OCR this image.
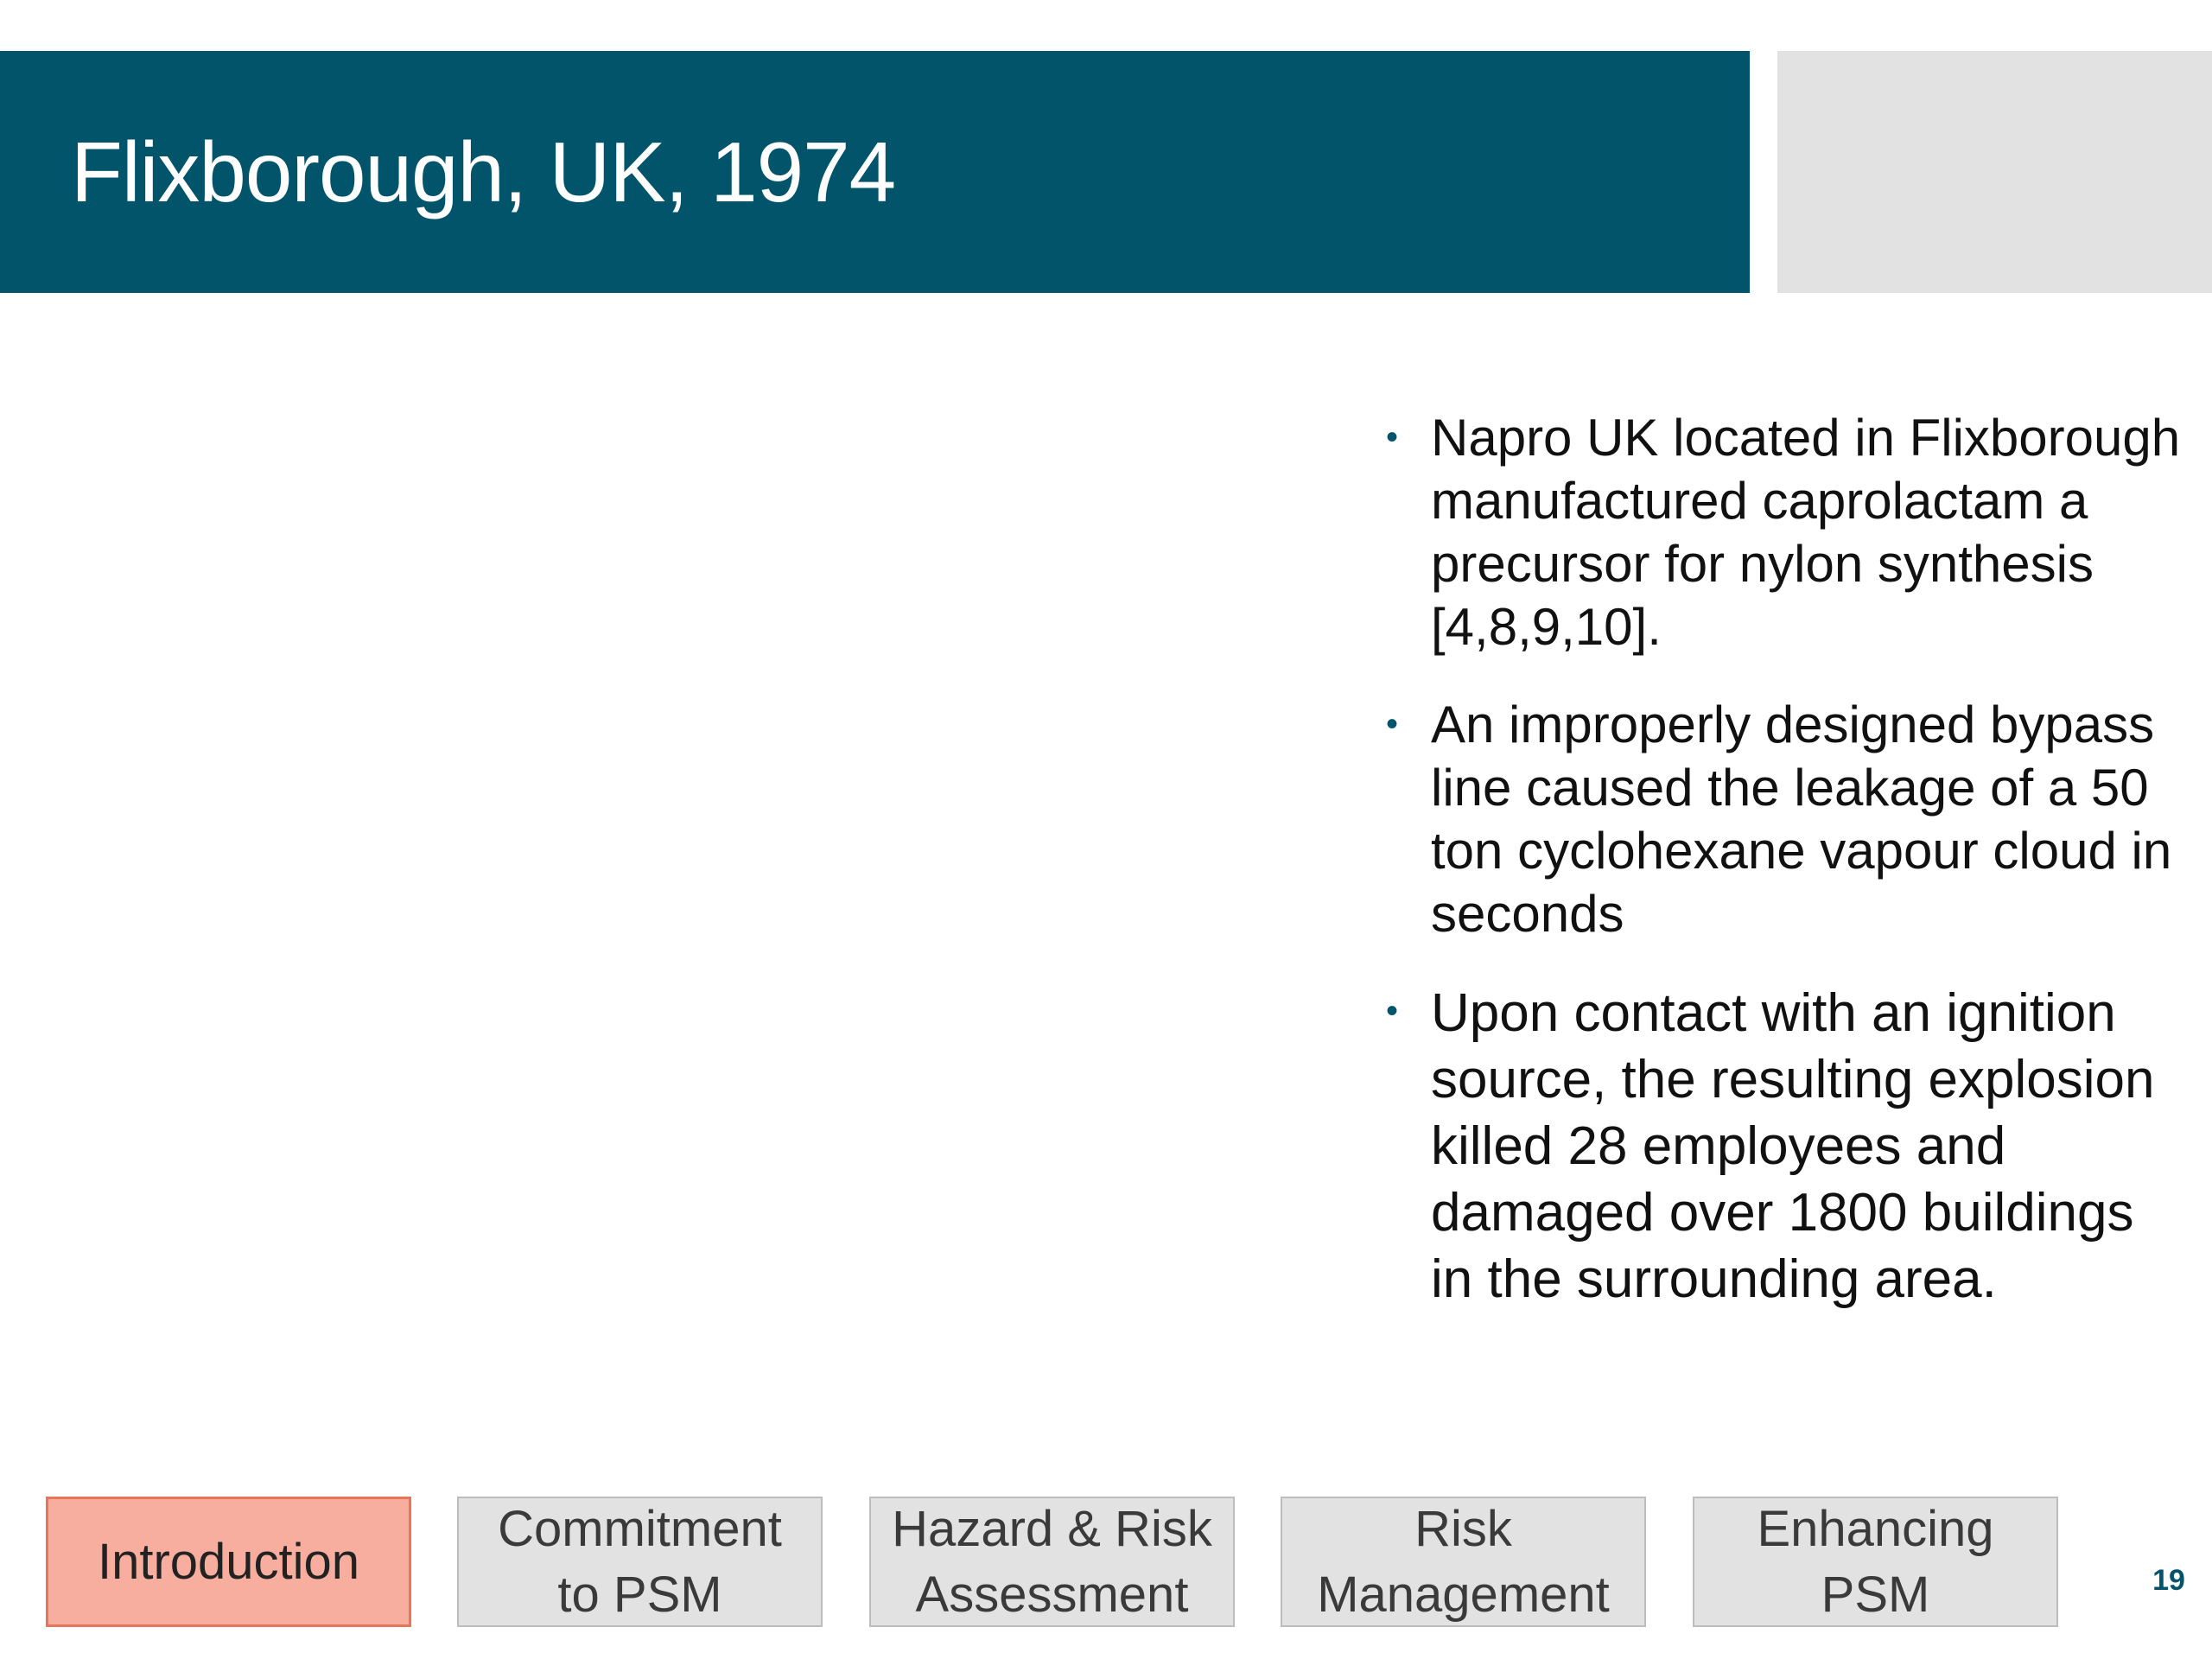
Flixborough, UK, 1974
• Napro UK located in Flixborough manufactured caprolactam a precursor for nylon synthesis [4,8,9,10].
• An improperly designed bypass line caused the leakage of a 50 ton cyclohexane vapour cloud in seconds
• Upon contact with an ignition source, the resulting explosion killed 28 employees and damaged over 1800 buildings in the surrounding area.
Introduction
Commitment to PSM
Hazard & Risk Assessment
Risk Management
Enhancing PSM	19
